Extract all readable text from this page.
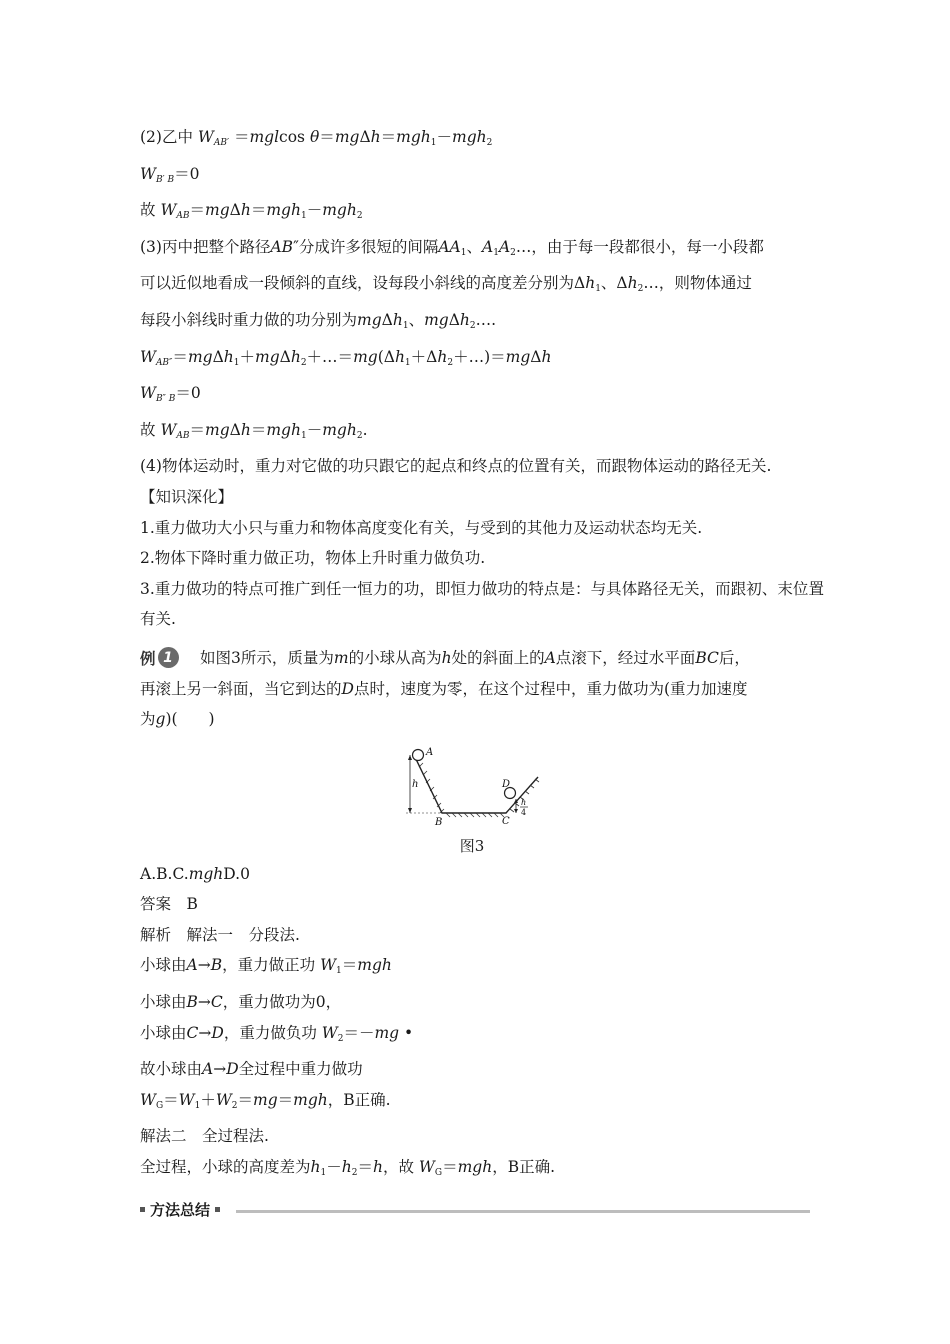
(2)乙中 $W_{AB'} =mglcos$ θ＝mgΔh＝mgh1－mgh2
$W_{B' B}=0$
故 $W_{AB}=mg\Delta h=mgh1-mgh2$
(3)丙中把整个路径AB″分成许多很短的间隔AA1、A1A2…，由于每一段都很小，每一小段都
可以近似地看成一段倾斜的直线，设每段小斜线的高度差分别为Δh1、Δh2…，则物体通过
每段小斜线时重力做的功分别为mgΔh1、mgΔh2….
$W_{AB''}=mg\Delta h1+mg\Delta h2+\dots=mg(\Delta h1+\Delta h2+\dots)=mg\Delta h$
$W_{B'' B}=0$
故 $W_{AB}=mg\Delta h=mgh1-mgh2$.
(4)物体运动时，重力对它做的功只跟它的起点和终点的位置有关，而跟物体运动的路径无关.
【知识深化】
1.重力做功大小只与重力和物体高度变化有关，与受到的其他力及运动状态均无关.
2.物体下降时重力做正功，物体上升时重力做负功.
3.重力做功的特点可推广到任一恒力的功，即恒力做功的特点是：与具体路径无关，而跟初、末位置有关.
例 1	如图3所示，质量为m的小球从高为h处的斜面上的A点滚下，经过水平面BC后，
再滚上另一斜面，当它到达的D点时，速度为零，在这个过程中，重力做功为(重力加速度
为g)(　　)
A
B	C
D
h
h
4
图3
A.B.C.mghD.0
答案　 B
解析　 解法一　分段法.
小球由A→B，重力做正功 W1＝mgh
小球由B→C，重力做功为0，
小球由C→D，重力做负功 W2＝－mg •
故小球由A→D全过程中重力做功
WG＝W1＋W2＝mg＝mgh，B正确.
解法二　全过程法.
全过程，小球的高度差为h1－h2＝h，故 WG＝mgh，B正确.
方法总结
